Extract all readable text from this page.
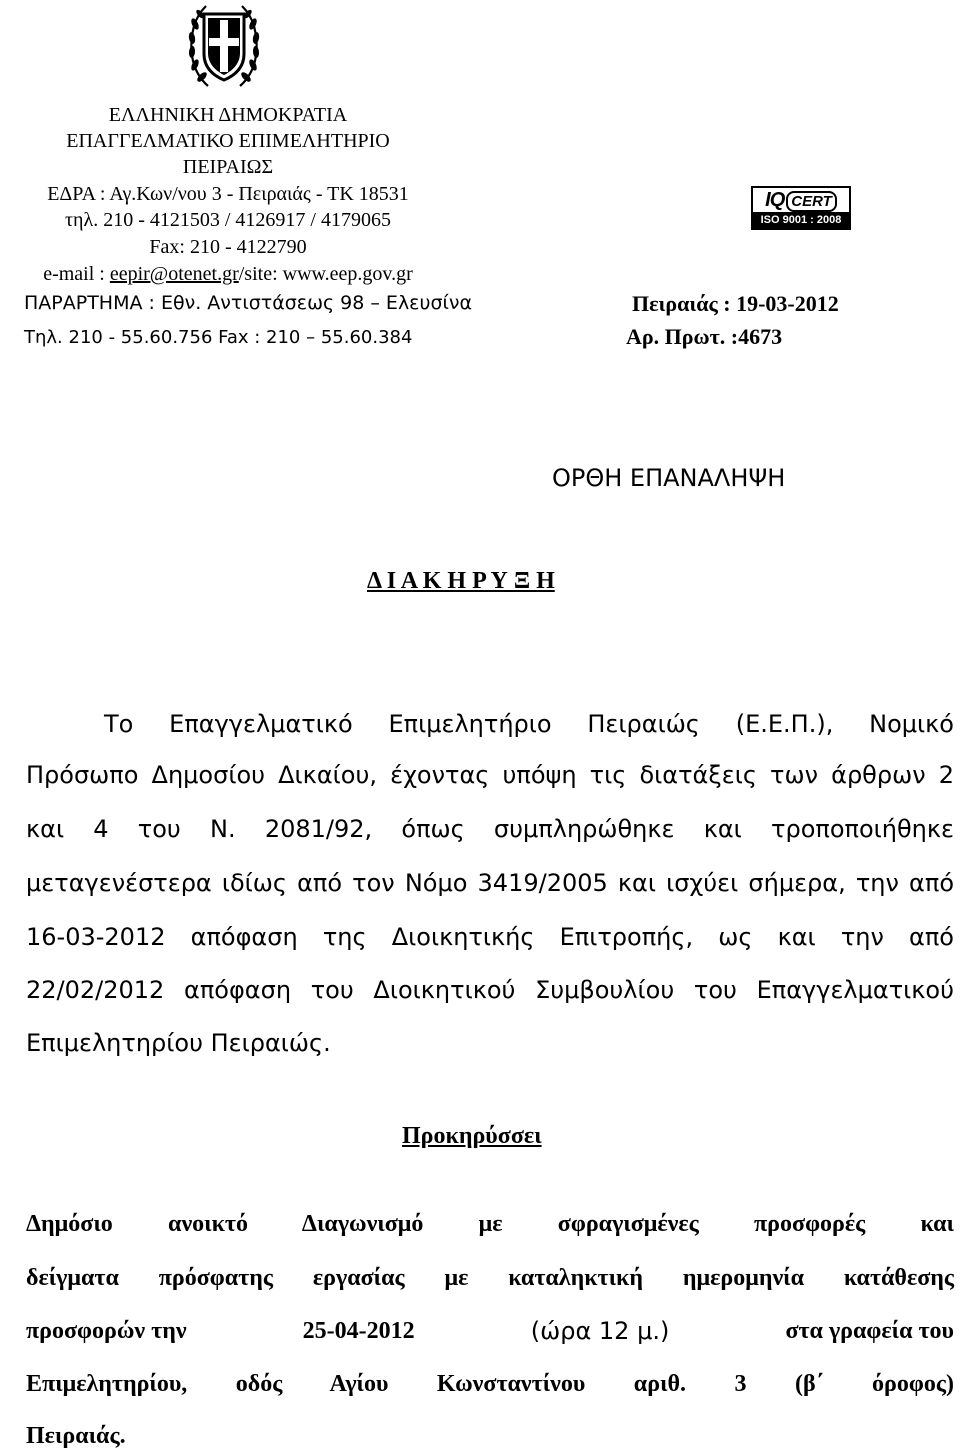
ΕΛΛΗΝΙΚΗ ΔΗΜΟΚΡΑΤΙΑ
ΕΠΑΓΓΕΛΜΑΤΙΚΟ ΕΠΙΜΕΛΗΤΗΡΙΟ
ΠΕΙΡΑΙΩΣ
ΕΔΡΑ : Αγ.Κων/νου 3 - Πειραιάς - ΤΚ 18531
τηλ. 210 - 4121503 / 4126917 / 4179065
Fax: 210 - 4122790
e-mail : eepir@otenet.gr/site: www.eep.gov.gr
ΠΑΡΑΡΤΗΜΑ : Εθν. Αντιστάσεως 98 – Ελευσίνα
Τηλ. 210 - 55.60.756 Fax : 210 – 55.60.384
IQ CERT
ISO 9001 : 2008
Πειραιάς : 19-03-2012
Αρ. Πρωτ. :4673
ΟΡΘΗ ΕΠΑΝΑΛΗΨΗ
Δ Ι Α Κ Η Ρ Υ Ξ Η
Το Επαγγελματικό Επιμελητήριο Πειραιώς (Ε.Ε.Π.), Νομικό
Πρόσωπο Δημοσίου Δικαίου, έχοντας υπόψη τις διατάξεις των άρθρων 2
και 4 του Ν. 2081/92, όπως συμπληρώθηκε και τροποποιήθηκε
μεταγενέστερα ιδίως από τον Νόμο 3419/2005 και ισχύει σήμερα, την από
16-03-2012 απόφαση της Διοικητικής Επιτροπής, ως και την από
22/02/2012 απόφαση του Διοικητικού Συμβουλίου του Επαγγελματικού
Επιμελητηρίου Πειραιώς.
Προκηρύσσει
Δημόσιο ανοικτό Διαγωνισμό με σφραγισμένες προσφορές και
δείγματα πρόσφατης εργασίας με καταληκτική ημερομηνία κατάθεσης
προσφορών την	25-04-2012	(ώρα 12 μ.)	στα γραφεία του
Επιμελητηρίου, οδός Αγίου Κωνσταντίνου αριθ. 3 (β΄ όροφος)
Πειραιάς.
